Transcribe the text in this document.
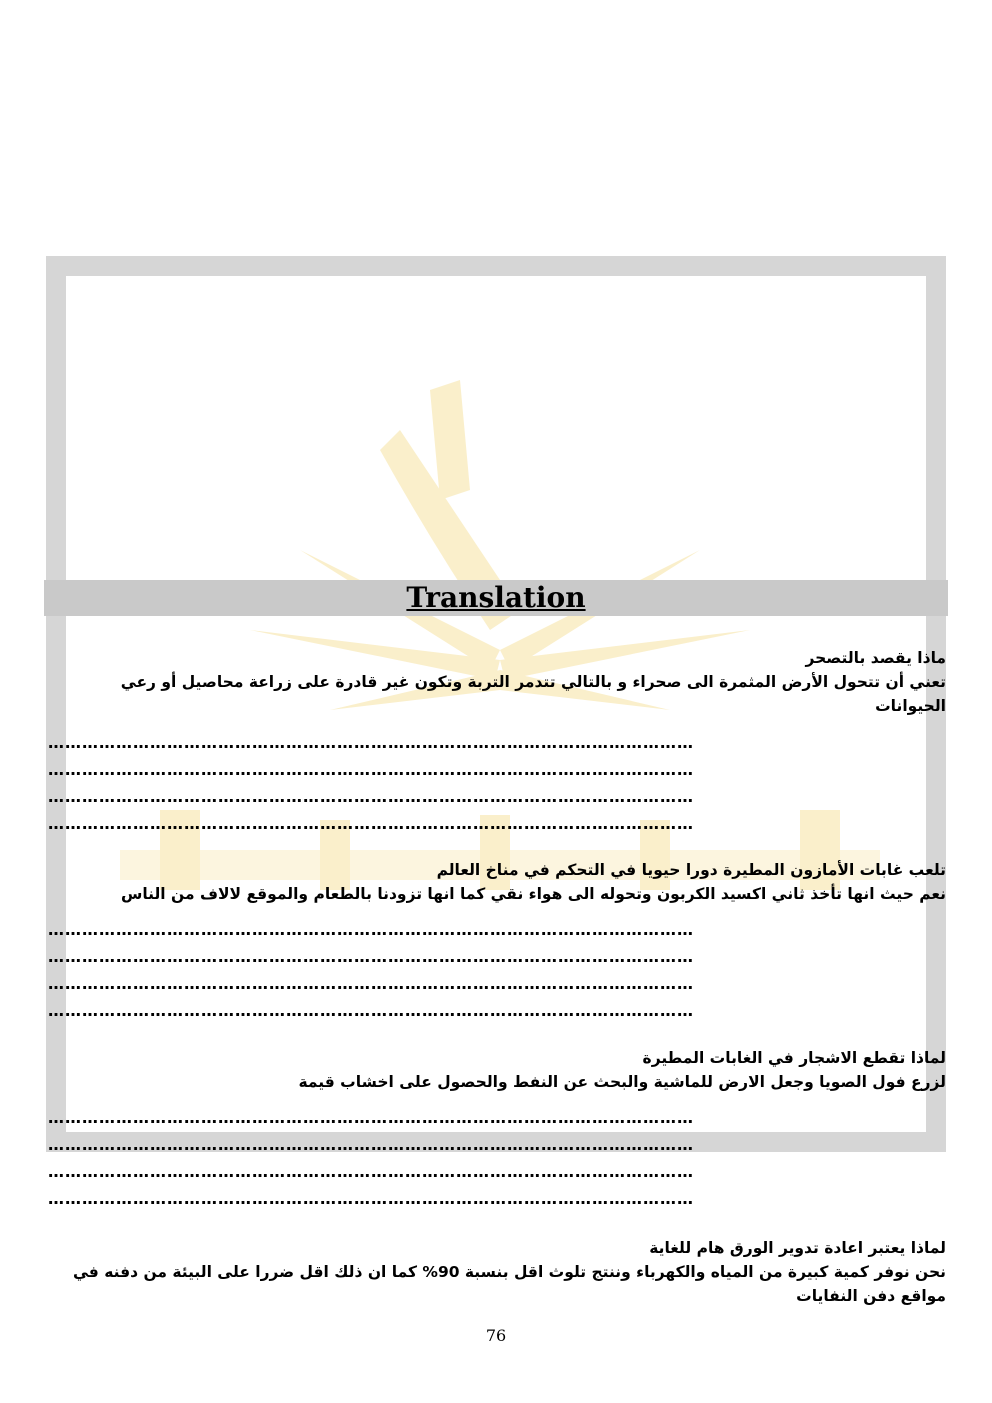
Translation
ماذا يقصد بالتصحر
تعني أن تتحول الأرض المثمرة الى صحراء و بالتالي تتدمر التربة وتكون غير قادرة على زراعة محاصيل أو رعي
الحيوانات
……………………………………………………………………………………………………
……………………………………………………………………………………………………
……………………………………………………………………………………………………
……………………………………………………………………………………………………
تلعب غابات الأمازون المطيرة دورا حيويا في التحكم في مناخ العالم
نعم حيث انها تأخذ ثاني اكسيد الكربون وتحوله الى هواء نقي كما انها تزودنا بالطعام والموقع لالاف من الناس
……………………………………………………………………………………………………
……………………………………………………………………………………………………
……………………………………………………………………………………………………
……………………………………………………………………………………………………
لماذا تقطع الاشجار في الغابات المطيرة
لزرع فول الصويا وجعل الارض للماشية والبحث عن النفط والحصول على اخشاب قيمة
……………………………………………………………………………………………………
……………………………………………………………………………………………………
……………………………………………………………………………………………………
……………………………………………………………………………………………………
لماذا يعتبر اعادة تدوير الورق هام للغاية
نحن نوفر كمية كبيرة من المياه والكهرباء وننتج تلوث اقل بنسبة 90% كما ان ذلك اقل ضررا على البيئة من دفنه في
مواقع دفن النفايات
76
